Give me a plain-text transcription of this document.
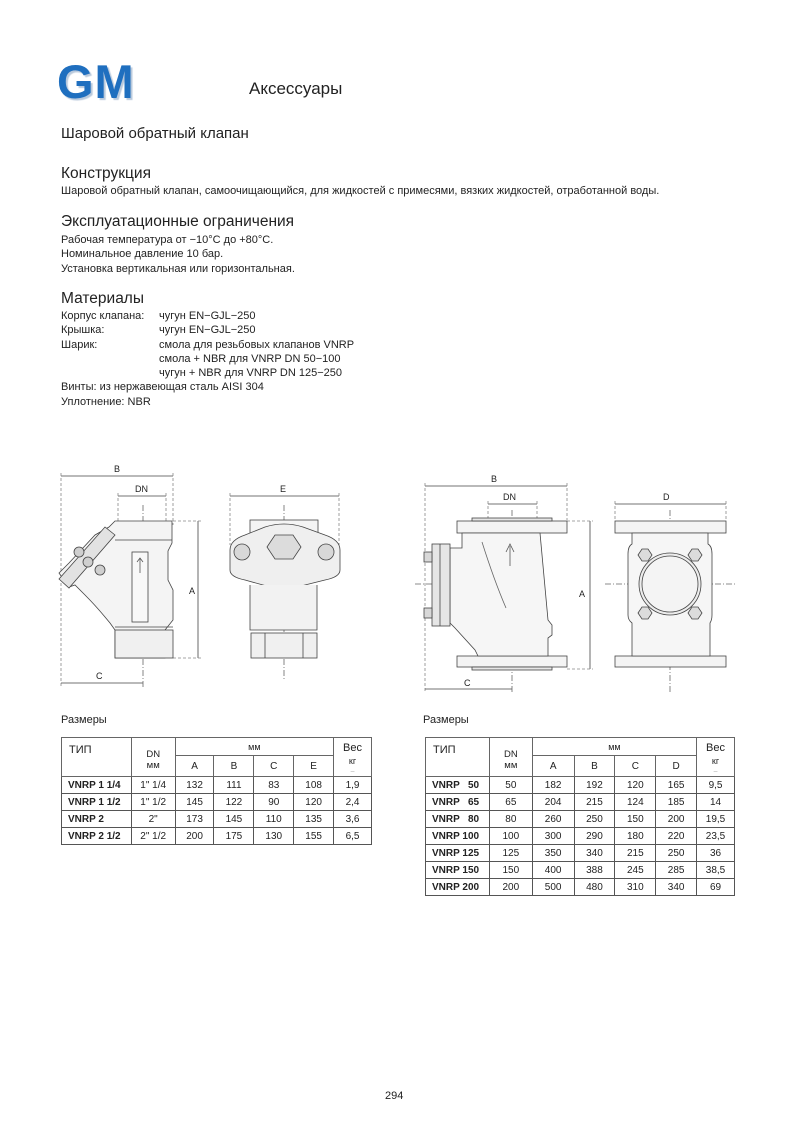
GM	Аксессуары
Шаровой обратный клапан
Конструкция
Шаровой обратный клапан, самоочищающийся, для жидкостей с примесями, вязких жидкостей, отработанной воды.
Эксплуатационные ограничения
Рабочая температура от −10°C до +80°C.
Номинальное давление 10 бар.
Установка вертикальная или горизонтальная.
Материалы
Корпус клапана:	чугун EN−GJL−250
Крышка:	чугун EN−GJL−250
Шарик:	смола для резьбовых клапанов VNRP
смола + NBR для VNRP DN 50−100
чугун + NBR для VNRP DN 125−250
Винты: из нержавеющая сталь AISI 304
Уплотнение: NBR
B
DN
A
C
E
B
DN
A
C
D
Размеры	Размеры
ТИП	DN
мм	мм				Вес
кг
–

		A	B	C	E	
VNRP 1 1/4	1" 1/4	132	111	83	108	1,9
VNRP 1 1/2	1" 1/2	145	122	90	120	2,4
VNRP 2	2"	173	145	110	135	3,6
VNRP 2 1/2	2" 1/2	200	175	130	155	6,5
ТИП	DN
мм	мм				Вес
кг
–

		A	B	C	D	
VNRP   50	50	182	192	120	165	9,5
VNRP   65	65	204	215	124	185	14
VNRP   80	80	260	250	150	200	19,5
VNRP 100	100	300	290	180	220	23,5
VNRP 125	125	350	340	215	250	36
VNRP 150	150	400	388	245	285	38,5
VNRP 200	200	500	480	310	340	69
294
